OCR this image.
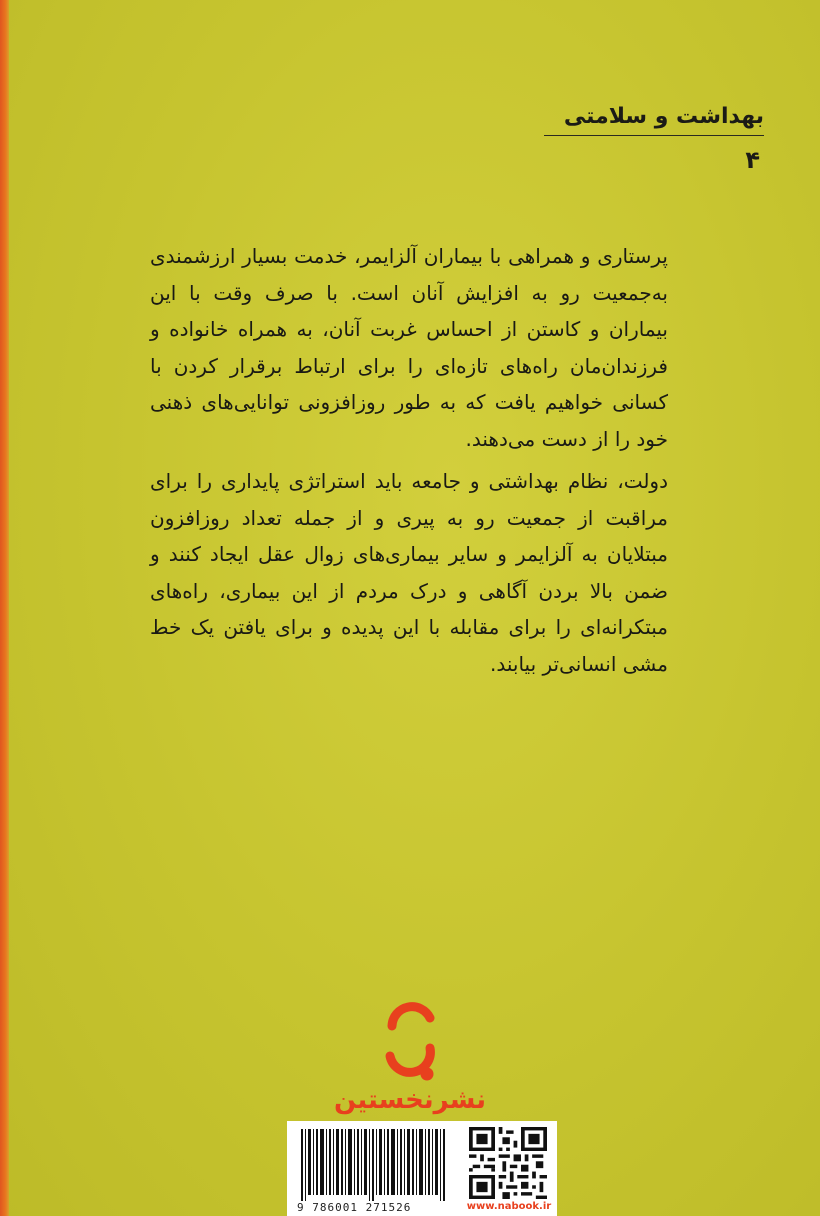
بهداشت و سلامتی
۴

پرستاری و همراهی با بیماران آلزایمر، خدمت بسیار ارزشمندی به‌جمعیت رو به افزایش آنان است. با صرف وقت با این بیماران و کاستن از احساس غربت آنان، به همراه خانواده و فرزندان‌مان راه‌های تازه‌ای را برای ارتباط برقرار کردن با کسانی خواهیم یافت که به طور روزافزونی توانایی‌های ذهنی خود را از دست می‌دهند.

دولت، نظام بهداشتی و جامعه باید استراتژی پایداری را برای مراقبت از جمعیت رو به پیری و از جمله تعداد روزافزون مبتلایان به آلزایمر و سایر بیماری‌های زوال عقل ایجاد کنند و ضمن بالا بردن آگاهی و درک مردم از این بیماری، راه‌های مبتکرانه‌ای را برای مقابله با این پدیده و برای یافتن یک خط مشی انسانی‌تر بیابند.

نشرنخستین
9 786001 271526	www.nabook.ir
